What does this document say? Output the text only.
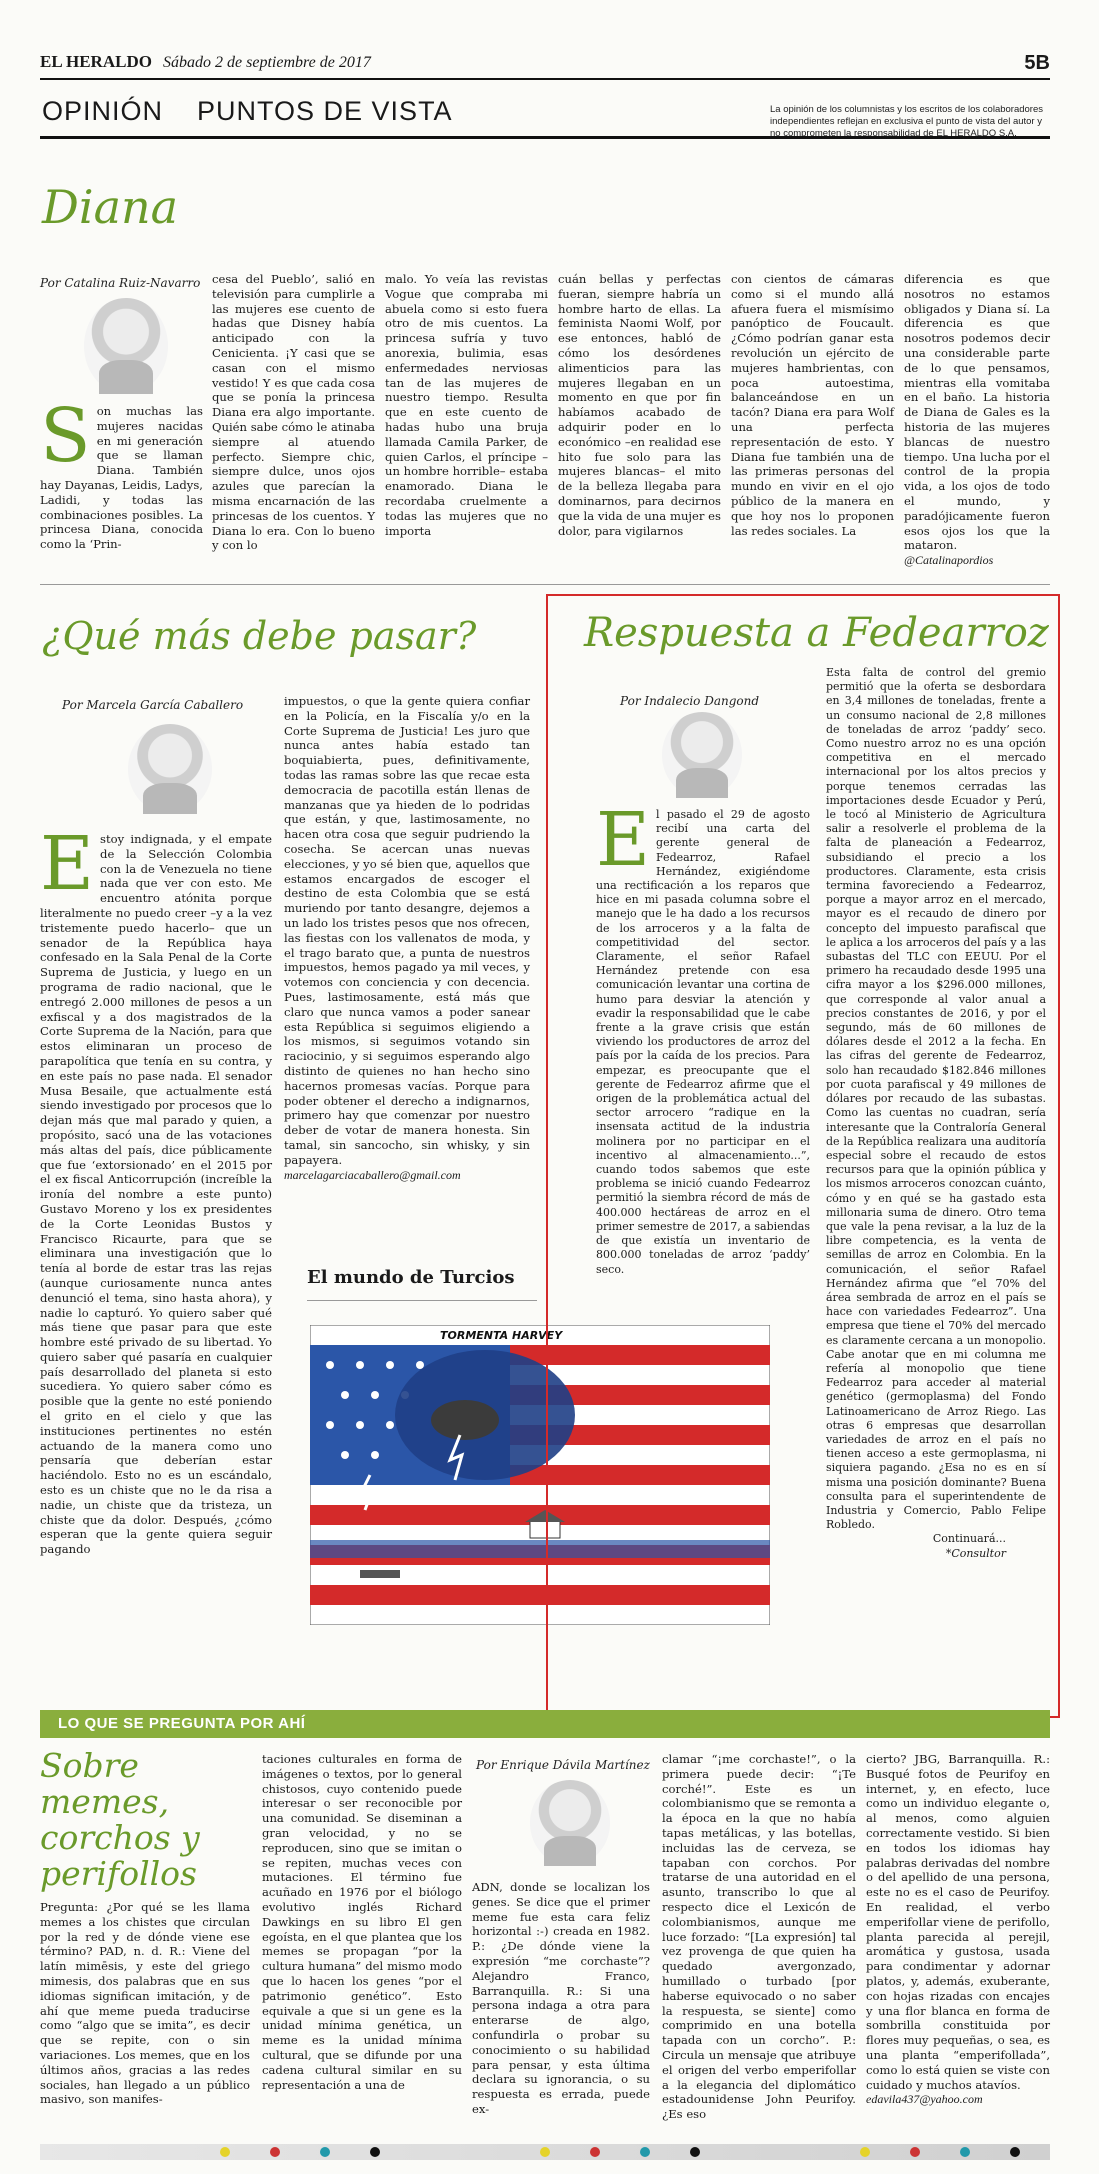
EL HERALDO Sábado 2 de septiembre de 2017	5B
OPINIÓN PUNTOS DE VISTA	La opinión de los columnistas y los escritos de los colaboradores independientes reflejan en exclusiva el punto de vista del autor y no comprometen la responsabilidad de EL HERALDO S.A.
Diana
Por Catalina Ruiz-Navarro
Son muchas las mujeres nacidas en mi generación que se llaman Diana. También hay Dayanas, Leidis, Ladys, Ladidi, y todas las combinaciones posibles. La princesa Diana, conocida como la ‘Prin-
cesa del Pueblo’, salió en televisión para cumplirle a las mujeres ese cuento de hadas que Disney había anticipado con la Cenicienta. ¡Y casi que se casan con el mismo vestido! Y es que cada cosa que se ponía la princesa Diana era algo importante. Quién sabe cómo le atinaba siempre al atuendo perfecto. Siempre chic, siempre dulce, unos ojos azules que parecían la misma encarnación de las princesas de los cuentos. Y Diana lo era. Con lo bueno y con lo
malo. Yo veía las revistas Vogue que compraba mi abuela como si esto fuera otro de mis cuentos. La princesa sufría y tuvo anorexia, bulimia, esas enfermedades nerviosas tan de las mujeres de nuestro tiempo. Resulta que en este cuento de hadas hubo una bruja llamada Camila Parker, de quien Carlos, el príncipe –un hombre horrible– estaba enamorado. Diana le recordaba cruelmente a todas las mujeres que no importa
cuán bellas y perfectas fueran, siempre habría un hombre harto de ellas. La feminista Naomi Wolf, por ese entonces, habló de cómo los desórdenes alimenticios para las mujeres llegaban en un momento en que por fin habíamos acabado de adquirir poder en lo económico –en realidad ese hito fue solo para las mujeres blancas– el mito de la belleza llegaba para dominarnos, para decirnos que la vida de una mujer es dolor, para vigilarnos
con cientos de cámaras como si el mundo allá afuera fuera el mismísimo panóptico de Foucault. ¿Cómo podrían ganar esta revolución un ejército de mujeres hambrientas, con poca autoestima, balanceándose en un tacón? Diana era para Wolf una perfecta representación de esto. Y Diana fue también una de las primeras personas del mundo en vivir en el ojo público de la manera en que hoy nos lo proponen las redes sociales. La
diferencia es que nosotros no estamos obligados y Diana sí. La diferencia es que nosotros podemos decir una considerable parte de lo que pensamos, mientras ella vomitaba en el baño. La historia de Diana de Gales es la historia de las mujeres blancas de nuestro tiempo. Una lucha por el control de la propia vida, a los ojos de todo el mundo, y paradójicamente fueron esos ojos los que la mataron.
@Catalinapordios
¿Qué más debe pasar?
Por Marcela García Caballero
Estoy indignada, y el empate de la Selección Colombia con la de Venezuela no tiene nada que ver con esto. Me encuentro atónita porque literalmente no puedo creer –y a la vez tristemente puedo hacerlo– que un senador de la República haya confesado en la Sala Penal de la Corte Suprema de Justicia, y luego en un programa de radio nacional, que le entregó 2.000 millones de pesos a un exfiscal y a dos magistrados de la Corte Suprema de la Nación, para que estos eliminaran un proceso de parapolítica que tenía en su contra, y en este país no pase nada. El senador Musa Besaile, que actualmente está siendo investigado por procesos que lo dejan más que mal parado y quien, a propósito, sacó una de las votaciones más altas del país, dice públicamente que fue ‘extorsionado’ en el 2015 por el ex fiscal Anticorrupción (increíble la ironía del nombre a este punto) Gustavo Moreno y los ex presidentes de la Corte Leonidas Bustos y Francisco Ricaurte, para que se eliminara una investigación que lo tenía al borde de estar tras las rejas (aunque curiosamente nunca antes denunció el tema, sino hasta ahora), y nadie lo capturó. Yo quiero saber qué más tiene que pasar para que este hombre esté privado de su libertad. Yo quiero saber qué pasaría en cualquier país desarrollado del planeta si esto sucediera. Yo quiero saber cómo es posible que la gente no esté poniendo el grito en el cielo y que las instituciones pertinentes no estén actuando de la manera como uno pensaría que deberían estar haciéndolo. Esto no es un escándalo, esto es un chiste que no le da risa a nadie, un chiste que da tristeza, un chiste que da dolor. Después, ¿cómo esperan que la gente quiera seguir pagando
impuestos, o que la gente quiera confiar en la Policía, en la Fiscalía y/o en la Corte Suprema de Justicia! Les juro que nunca antes había estado tan boquiabierta, pues, definitivamente, todas las ramas sobre las que recae esta democracia de pacotilla están llenas de manzanas que ya hieden de lo podridas que están, y que, lastimosamente, no hacen otra cosa que seguir pudriendo la cosecha. Se acercan unas nuevas elecciones, y yo sé bien que, aquellos que estamos encargados de escoger el destino de esta Colombia que se está muriendo por tanto desangre, dejemos a un lado los tristes pesos que nos ofrecen, las fiestas con los vallenatos de moda, y el trago barato que, a punta de nuestros impuestos, hemos pagado ya mil veces, y votemos con conciencia y con decencia. Pues, lastimosamente, está más que claro que nunca vamos a poder sanear esta República si seguimos eligiendo a los mismos, si seguimos votando sin raciocinio, y si seguimos esperando algo distinto de quienes no han hecho sino hacernos promesas vacías. Porque para poder obtener el derecho a indignarnos, primero hay que comenzar por nuestro deber de votar de manera honesta. Sin tamal, sin sancocho, sin whisky, y sin papayera.
marcelagarciacaballero@gmail.com
El mundo de Turcios
TORMENTA HARVEY
Respuesta a Fedearroz
Por Indalecio Dangond
El pasado el 29 de agosto recibí una carta del gerente general de Fedearroz, Rafael Hernández, exigiéndome una rectificación a los reparos que hice en mi pasada columna sobre el manejo que le ha dado a los recursos de los arroceros y a la falta de competitividad del sector. Claramente, el señor Rafael Hernández pretende con esa comunicación levantar una cortina de humo para desviar la atención y evadir la responsabilidad que le cabe frente a la grave crisis que están viviendo los productores de arroz del país por la caída de los precios. Para empezar, es preocupante que el gerente de Fedearroz afirme que el origen de la problemática actual del sector arrocero “radique en la insensata actitud de la industria molinera por no participar en el incentivo al almacenamiento...”, cuando todos sabemos que este problema se inició cuando Fedearroz permitió la siembra récord de más de 400.000 hectáreas de arroz en el primer semestre de 2017, a sabiendas de que existía un inventario de 800.000 toneladas de arroz ‘paddy’ seco.
Esta falta de control del gremio permitió que la oferta se desbordara en 3,4 millones de toneladas, frente a un consumo nacional de 2,8 millones de toneladas de arroz ‘paddy’ seco. Como nuestro arroz no es una opción competitiva en el mercado internacional por los altos precios y porque tenemos cerradas las importaciones desde Ecuador y Perú, le tocó al Ministerio de Agricultura salir a resolverle el problema de la falta de planeación a Fedearroz, subsidiando el precio a los productores. Claramente, esta crisis termina favoreciendo a Fedearroz, porque a mayor arroz en el mercado, mayor es el recaudo de dinero por concepto del impuesto parafiscal que le aplica a los arroceros del país y a las subastas del TLC con EEUU. Por el primero ha recaudado desde 1995 una cifra mayor a los $296.000 millones, que corresponde al valor anual a precios constantes de 2016, y por el segundo, más de 60 millones de dólares desde el 2012 a la fecha. En las cifras del gerente de Fedearroz, solo han recaudado $182.846 millones por cuota parafiscal y 49 millones de dólares por recaudo de las subastas. Como las cuentas no cuadran, sería interesante que la Contraloría General de la República realizara una auditoría especial sobre el recaudo de estos recursos para que la opinión pública y los mismos arroceros conozcan cuánto, cómo y en qué se ha gastado esta millonaria suma de dinero. Otro tema que vale la pena revisar, a la luz de la libre competencia, es la venta de semillas de arroz en Colombia. En la comunicación, el señor Rafael Hernández afirma que “el 70% del área sembrada de arroz en el país se hace con variedades Fedearroz”. Una empresa que tiene el 70% del mercado es claramente cercana a un monopolio. Cabe anotar que en mi columna me refería al monopolio que tiene Fedearroz para acceder al material genético (germoplasma) del Fondo Latinoamericano de Arroz Riego. Las otras 6 empresas que desarrollan variedades de arroz en el país no tienen acceso a este germoplasma, ni siquiera pagando. ¿Esa no es en sí misma una posición dominante? Buena consulta para el superintendente de Industria y Comercio, Pablo Felipe Robledo.

Continuará...
*Consultor
LO QUE SE PREGUNTA POR AHÍ
Sobre memes, corchos y perifollos
Pregunta: ¿Por qué se les llama memes a los chistes que circulan por la red y de dónde viene ese término? PAD, n. d. R.: Viene del latín mimēsis, y este del griego mimesis, dos palabras que en sus idiomas significan imitación, y de ahí que meme pueda traducirse como “algo que se imita”, es decir que se repite, con o sin variaciones. Los memes, que en los últimos años, gracias a las redes sociales, han llegado a un público masivo, son manifes-
taciones culturales en forma de imágenes o textos, por lo general chistosos, cuyo contenido puede interesar o ser reconocible por una comunidad. Se diseminan a gran velocidad, y no se reproducen, sino que se imitan o se repiten, muchas veces con mutaciones. El término fue acuñado en 1976 por el biólogo evolutivo inglés Richard Dawkings en su libro El gen egoísta, en el que plantea que los memes se propagan “por la cultura humana” del mismo modo que lo hacen los genes “por el patrimonio genético”. Esto equivale a que si un gene es la unidad mínima genética, un meme es la unidad mínima cultural, que se difunde por una cadena cultural similar en su representación a una de
Por Enrique Dávila Martínez
ADN, donde se localizan los genes. Se dice que el primer meme fue esta cara feliz horizontal :-) creada en 1982. P.: ¿De dónde viene la expresión “me corchaste”? Alejandro Franco, Barranquilla. R.: Si una persona indaga a otra para enterarse de algo, confundirla o probar su conocimiento o su habilidad para pensar, y esta última declara su ignorancia, o su respuesta es errada, puede ex-
clamar “¡me corchaste!”, o la primera puede decir: “¡Te corché!”. Este es un colombianismo que se remonta a la época en la que no había tapas metálicas, y las botellas, incluidas las de cerveza, se tapaban con corchos. Por tratarse de una autoridad en el asunto, transcribo lo que al respecto dice el Lexicón de colombianismos, aunque me luce forzado: “[La expresión] tal vez provenga de que quien ha quedado avergonzado, humillado o turbado [por haberse equivocado o no saber la respuesta, se siente] como comprimido en una botella tapada con un corcho”. P.: Circula un mensaje que atribuye el origen del verbo emperifollar a la elegancia del diplomático estadounidense John Peurifoy. ¿Es eso
cierto? JBG, Barranquilla. R.: Busqué fotos de Peurifoy en internet, y, en efecto, luce como un individuo elegante o, al menos, como alguien correctamente vestido. Si bien en todos los idiomas hay palabras derivadas del nombre o del apellido de una persona, este no es el caso de Peurifoy. En realidad, el verbo emperifollar viene de perifollo, planta parecida al perejil, aromática y gustosa, usada para condimentar y adornar platos, y, además, exuberante, con hojas rizadas con encajes y una flor blanca en forma de sombrilla constituida por flores muy pequeñas, o sea, es una planta “emperifollada”, como lo está quien se viste con cuidado y muchos atavíos.
edavila437@yahoo.com
